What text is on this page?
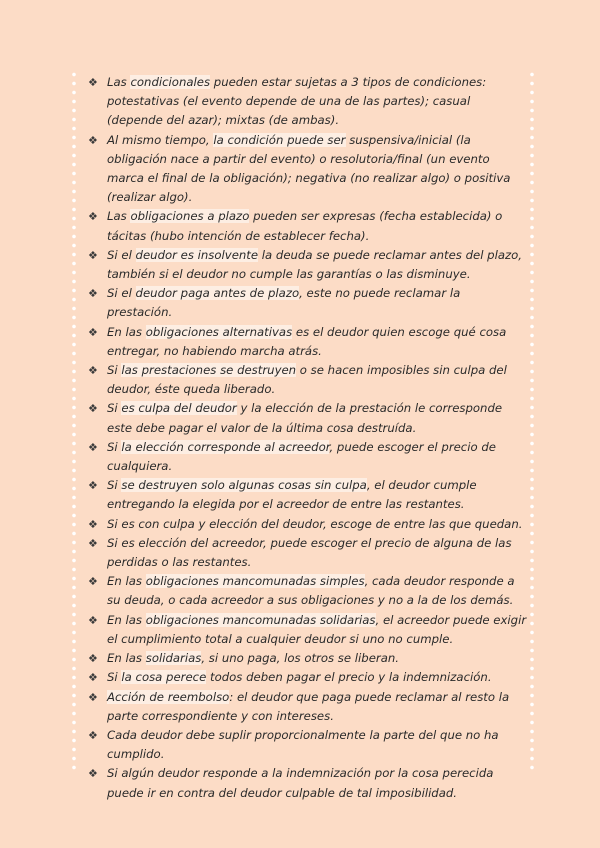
❖ Las condicionales pueden estar sujetas a 3 tipos de condiciones: potestativas (el evento depende de una de las partes); casual (depende del azar); mixtas (de ambas).
❖ Al mismo tiempo, la condición puede ser suspensiva/inicial (la obligación nace a partir del evento) o resolutoria/final (un evento marca el final de la obligación); negativa (no realizar algo) o positiva (realizar algo).
❖ Las obligaciones a plazo pueden ser expresas (fecha establecida) o tácitas (hubo intención de establecer fecha).
❖ Si el deudor es insolvente la deuda se puede reclamar antes del plazo, también si el deudor no cumple las garantías o las disminuye.
❖ Si el deudor paga antes de plazo, este no puede reclamar la prestación.
❖ En las obligaciones alternativas es el deudor quien escoge qué cosa entregar, no habiendo marcha atrás.
❖ Si las prestaciones se destruyen o se hacen imposibles sin culpa del deudor, éste queda liberado.
❖ Si es culpa del deudor y la elección de la prestación le corresponde este debe pagar el valor de la última cosa destruída.
❖ Si la elección corresponde al acreedor, puede escoger el precio de cualquiera.
❖ Si se destruyen solo algunas cosas sin culpa, el deudor cumple entregando la elegida por el acreedor de entre las restantes.
❖ Si es con culpa y elección del deudor, escoge de entre las que quedan.
❖ Si es elección del acreedor, puede escoger el precio de alguna de las perdidas o las restantes.
❖ En las obligaciones mancomunadas simples, cada deudor responde a su deuda, o cada acreedor a sus obligaciones y no a la de los demás.
❖ En las obligaciones mancomunadas solidarias, el acreedor puede exigir el cumplimiento total a cualquier deudor si uno no cumple.
❖ En las solidarias, si uno paga, los otros se liberan.
❖ Si la cosa perece todos deben pagar el precio y la indemnización.
❖ Acción de reembolso: el deudor que paga puede reclamar al resto la parte correspondiente y con intereses.
❖ Cada deudor debe suplir proporcionalmente la parte del que no ha cumplido.
❖ Si algún deudor responde a la indemnización por la cosa perecida puede ir en contra del deudor culpable de tal imposibilidad.
